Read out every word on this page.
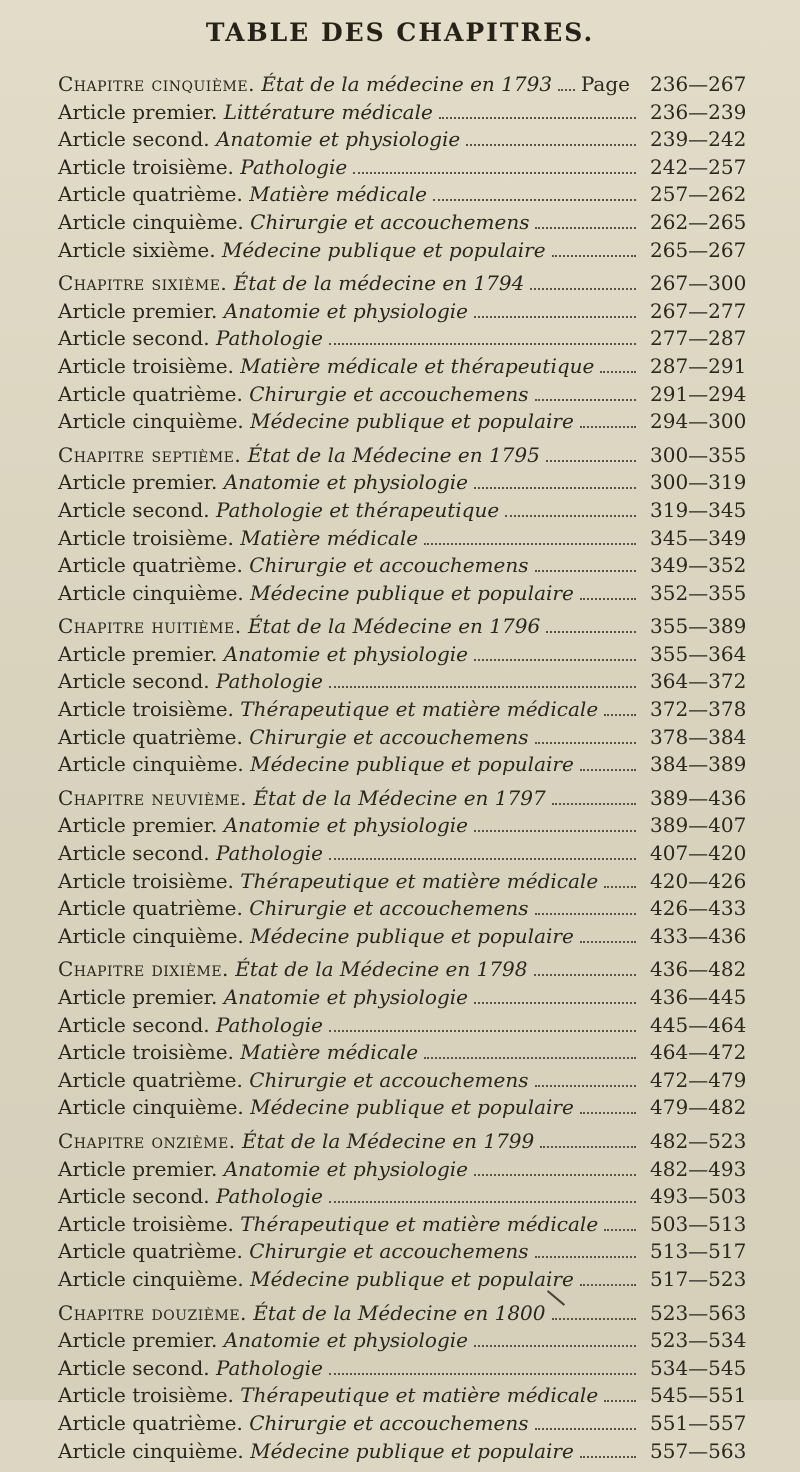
TABLE DES CHAPITRES.
Chapitre cinquième. État de la médecine en 1793 Page	236—267
Article premier. Littérature médicale	236—239
Article second. Anatomie et physiologie	239—242
Article troisième. Pathologie	242—257
Article quatrième. Matière médicale	257—262
Article cinquième. Chirurgie et accouchemens	262—265
Article sixième. Médecine publique et populaire	265—267
Chapitre sixième. État de la médecine en 1794	267—300
Article premier. Anatomie et physiologie	267—277
Article second. Pathologie	277—287
Article troisième. Matière médicale et thérapeutique	287—291
Article quatrième. Chirurgie et accouchemens	291—294
Article cinquième. Médecine publique et populaire	294—300
Chapitre septième. État de la Médecine en 1795	300—355
Article premier. Anatomie et physiologie	300—319
Article second. Pathologie et thérapeutique	319—345
Article troisième. Matière médicale	345—349
Article quatrième. Chirurgie et accouchemens	349—352
Article cinquième. Médecine publique et populaire	352—355
Chapitre huitième. État de la Médecine en 1796	355—389
Article premier. Anatomie et physiologie	355—364
Article second. Pathologie	364—372
Article troisième. Thérapeutique et matière médicale	372—378
Article quatrième. Chirurgie et accouchemens	378—384
Article cinquième. Médecine publique et populaire	384—389
Chapitre neuvième. État de la Médecine en 1797	389—436
Article premier. Anatomie et physiologie	389—407
Article second. Pathologie	407—420
Article troisième. Thérapeutique et matière médicale	420—426
Article quatrième. Chirurgie et accouchemens	426—433
Article cinquième. Médecine publique et populaire	433—436
Chapitre dixième. État de la Médecine en 1798	436—482
Article premier. Anatomie et physiologie	436—445
Article second. Pathologie	445—464
Article troisième. Matière médicale	464—472
Article quatrième. Chirurgie et accouchemens	472—479
Article cinquième. Médecine publique et populaire	479—482
Chapitre onzième. État de la Médecine en 1799	482—523
Article premier. Anatomie et physiologie	482—493
Article second. Pathologie	493—503
Article troisième. Thérapeutique et matière médicale	503—513
Article quatrième. Chirurgie et accouchemens	513—517
Article cinquième. Médecine publique et populaire	517—523
Chapitre douzième. État de la Médecine en 1800	523—563
Article premier. Anatomie et physiologie	523—534
Article second. Pathologie	534—545
Article troisième. Thérapeutique et matière médicale	545—551
Article quatrième. Chirurgie et accouchemens	551—557
Article cinquième. Médecine publique et populaire	557—563
